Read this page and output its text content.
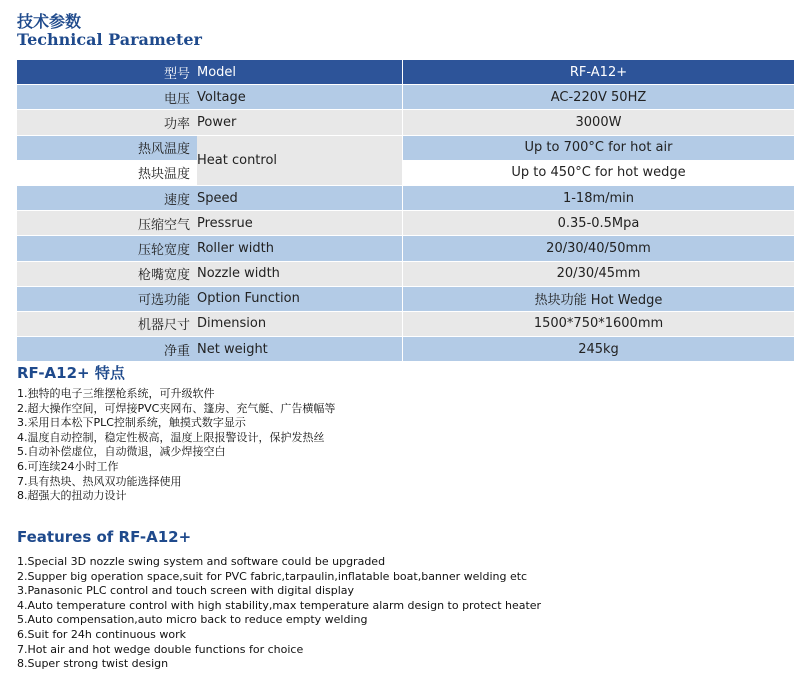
技术参数
Technical Parameter
型号	Model	RF-A12+
电压	Voltage	AC-220V 50HZ
功率	Power	3000W
热风温度	Heat control	Up to 700°C for hot air
热块温度		Up to 450°C for hot wedge
速度	Speed	1-18m/min
压缩空气	Pressrue	0.35-0.5Mpa
压轮宽度	Roller width	20/30/40/50mm
枪嘴宽度	Nozzle width	20/30/45mm
可选功能	Option Function	热块功能 Hot Wedge
机器尺寸	Dimension	1500*750*1600mm
净重	Net weight	245kg
RF-A12+ 特点
1.独特的电子三维摆枪系统，可升级软件
2.超大操作空间，可焊接PVC夹网布、篷房、充气艇、广告横幅等
3.采用日本松下PLC控制系统，触摸式数字显示
4.温度自动控制，稳定性极高，温度上限报警设计，保护发热丝
5.自动补偿虚位，自动微退，减少焊接空白
6.可连续24小时工作
7.具有热块、热风双功能选择使用
8.超强大的扭动力设计
Features of RF-A12+
1.Special 3D nozzle swing system and software could be upgraded
2.Supper big operation space,suit for PVC fabric,tarpaulin,inflatable boat,banner welding etc
3.Panasonic PLC control and touch screen with digital display
4.Auto temperature control with high stability,max temperature alarm design to protect heater
5.Auto compensation,auto micro back to reduce empty welding
6.Suit for 24h continuous work
7.Hot air and hot wedge double functions for choice
8.Super strong twist design
